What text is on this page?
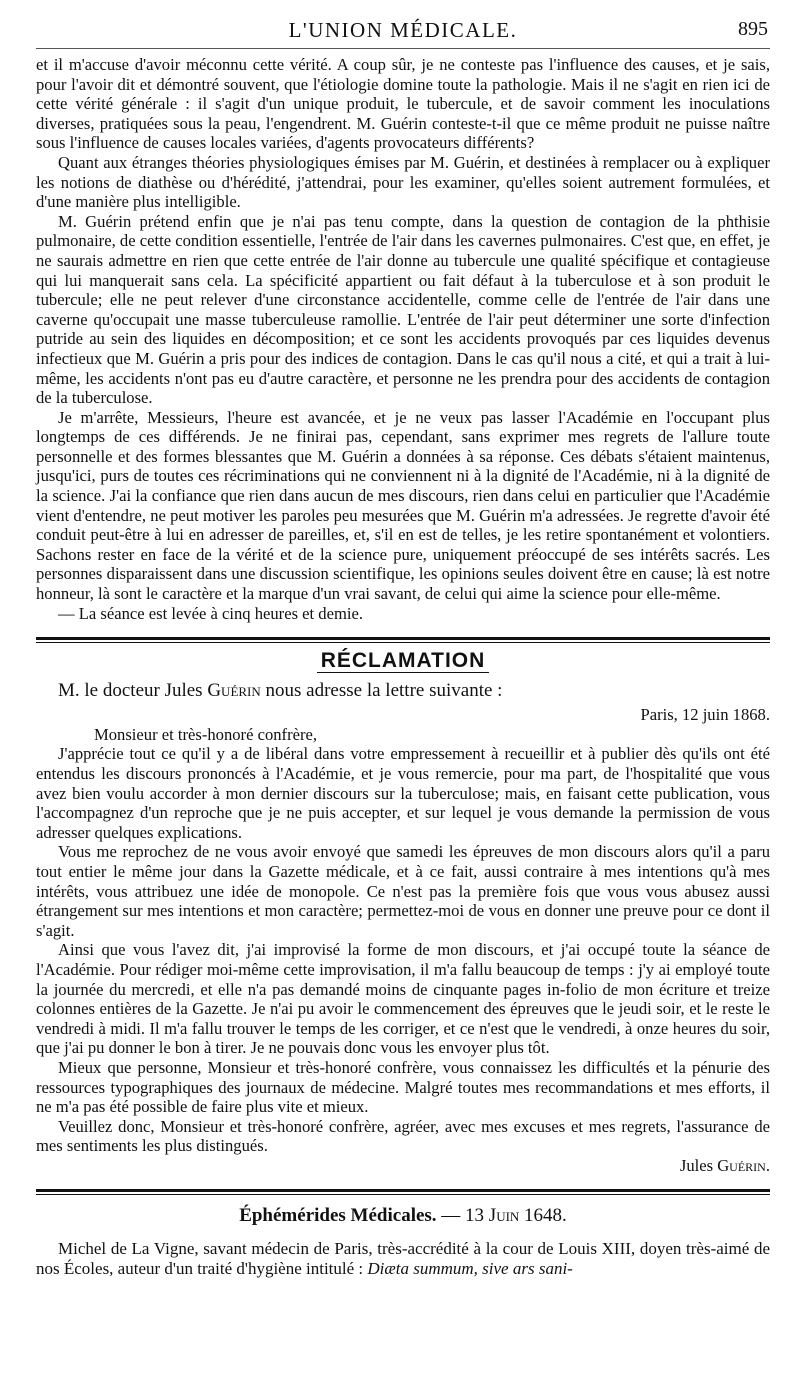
L'UNION MÉDICALE.	895

et il m'accuse d'avoir méconnu cette vérité. A coup sûr, je ne conteste pas l'influence des causes, et je sais, pour l'avoir dit et démontré souvent, que l'étiologie domine toute la pathologie. Mais il ne s'agit en rien ici de cette vérité générale : il s'agit d'un unique produit, le tubercule, et de savoir comment les inoculations diverses, pratiquées sous la peau, l'engendrent. M. Guérin conteste-t-il que ce même produit ne puisse naître sous l'influence de causes locales variées, d'agents provocateurs différents?

Quant aux étranges théories physiologiques émises par M. Guérin, et destinées à remplacer ou à expliquer les notions de diathèse ou d'hérédité, j'attendrai, pour les examiner, qu'elles soient autrement formulées, et d'une manière plus intelligible.

M. Guérin prétend enfin que je n'ai pas tenu compte, dans la question de contagion de la phthisie pulmonaire, de cette condition essentielle, l'entrée de l'air dans les cavernes pulmonaires. C'est que, en effet, je ne saurais admettre en rien que cette entrée de l'air donne au tubercule une qualité spécifique et contagieuse qui lui manquerait sans cela. La spécificité appartient ou fait défaut à la tuberculose et à son produit le tubercule; elle ne peut relever d'une circonstance accidentelle, comme celle de l'entrée de l'air dans une caverne qu'occupait une masse tuberculeuse ramollie. L'entrée de l'air peut déterminer une sorte d'infection putride au sein des liquides en décomposition; et ce sont les accidents provoqués par ces liquides devenus infectieux que M. Guérin a pris pour des indices de contagion. Dans le cas qu'il nous a cité, et qui a trait à lui-même, les accidents n'ont pas eu d'autre caractère, et personne ne les prendra pour des accidents de contagion de la tuberculose.

Je m'arrête, Messieurs, l'heure est avancée, et je ne veux pas lasser l'Académie en l'occupant plus longtemps de ces différends. Je ne finirai pas, cependant, sans exprimer mes regrets de l'allure toute personnelle et des formes blessantes que M. Guérin a données à sa réponse. Ces débats s'étaient maintenus, jusqu'ici, purs de toutes ces récriminations qui ne conviennent ni à la dignité de l'Académie, ni à la dignité de la science. J'ai la confiance que rien dans aucun de mes discours, rien dans celui en particulier que l'Académie vient d'entendre, ne peut motiver les paroles peu mesurées que M. Guérin m'a adressées. Je regrette d'avoir été conduit peut-être à lui en adresser de pareilles, et, s'il en est de telles, je les retire spontanément et volontiers. Sachons rester en face de la vérité et de la science pure, uniquement préoccupé de ses intérêts sacrés. Les personnes disparaissent dans une discussion scientifique, les opinions seules doivent être en cause; là est notre honneur, là sont le caractère et la marque d'un vrai savant, de celui qui aime la science pour elle-même.

— La séance est levée à cinq heures et demie.

RÉCLAMATION
M. le docteur Jules Guérin nous adresse la lettre suivante :
Paris, 12 juin 1868.
Monsieur et très-honoré confrère,

J'apprécie tout ce qu'il y a de libéral dans votre empressement à recueillir et à publier dès qu'ils ont été entendus les discours prononcés à l'Académie, et je vous remercie, pour ma part, de l'hospitalité que vous avez bien voulu accorder à mon dernier discours sur la tuberculose; mais, en faisant cette publication, vous l'accompagnez d'un reproche que je ne puis accepter, et sur lequel je vous demande la permission de vous adresser quelques explications.

Vous me reprochez de ne vous avoir envoyé que samedi les épreuves de mon discours alors qu'il a paru tout entier le même jour dans la Gazette médicale, et à ce fait, aussi contraire à mes intentions qu'à mes intérêts, vous attribuez une idée de monopole. Ce n'est pas la première fois que vous vous abusez aussi étrangement sur mes intentions et mon caractère; permettez-moi de vous en donner une preuve pour ce dont il s'agit.

Ainsi que vous l'avez dit, j'ai improvisé la forme de mon discours, et j'ai occupé toute la séance de l'Académie. Pour rédiger moi-même cette improvisation, il m'a fallu beaucoup de temps : j'y ai employé toute la journée du mercredi, et elle n'a pas demandé moins de cinquante pages in-folio de mon écriture et treize colonnes entières de la Gazette. Je n'ai pu avoir le commencement des épreuves que le jeudi soir, et le reste le vendredi à midi. Il m'a fallu trouver le temps de les corriger, et ce n'est que le vendredi, à onze heures du soir, que j'ai pu donner le bon à tirer. Je ne pouvais donc vous les envoyer plus tôt.

Mieux que personne, Monsieur et très-honoré confrère, vous connaissez les difficultés et la pénurie des ressources typographiques des journaux de médecine. Malgré toutes mes recommandations et mes efforts, il ne m'a pas été possible de faire plus vite et mieux.

Veuillez donc, Monsieur et très-honoré confrère, agréer, avec mes excuses et mes regrets, l'assurance de mes sentiments les plus distingués.

Jules Guérin.
Éphémérides Médicales. — 13 Juin 1648.

Michel de La Vigne, savant médecin de Paris, très-accrédité à la cour de Louis XIII, doyen très-aimé de nos Écoles, auteur d'un traité d'hygiène intitulé : Diæta summum, sive ars sani-
